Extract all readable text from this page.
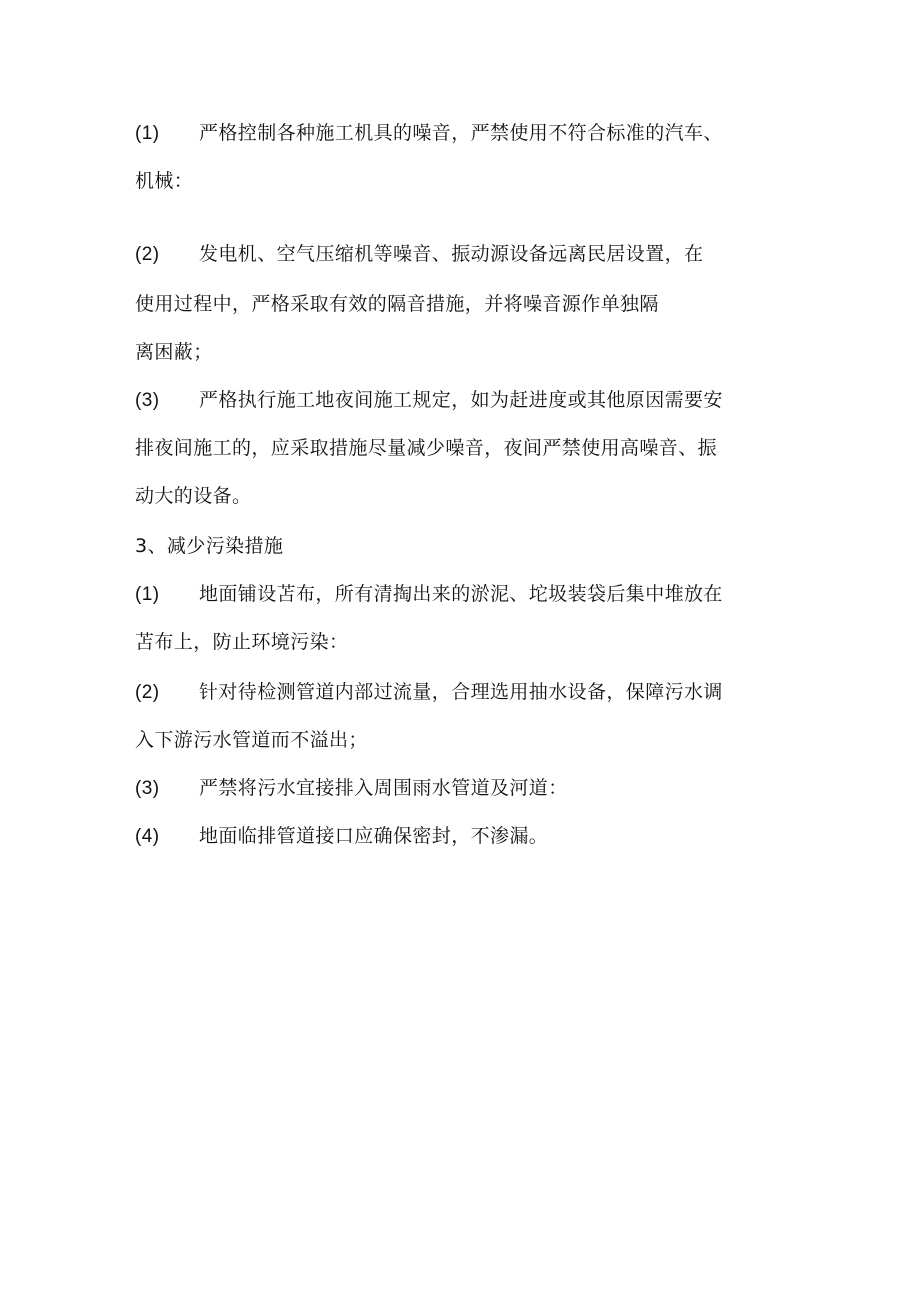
(1) 严格控制各种施工机具的噪音，严禁使用不符合标准的汽车、
机械：
(2) 发电机、空气压缩机等噪音、振动源设备远离民居设置，在
使用过程中，严格采取有效的隔音措施，并将噪音源作单独隔
离困蔽；
(3) 严格执行施工地夜间施工规定，如为赶进度或其他原因需要安
排夜间施工的，应采取措施尽量减少噪音，夜间严禁使用高噪音、振
动大的设备。
3、减少污染措施
(1) 地面铺设苫布，所有清掏出来的淤泥、坨圾装袋后集中堆放在
苫布上，防止环境污染：
(2) 针对待检测管道内部过流量，合理选用抽水设备，保障污水调
入下游污水管道而不溢出；
(3) 严禁将污水宜接排入周围雨水管道及河道：
(4) 地面临排管道接口应确保密封，不渗漏。
